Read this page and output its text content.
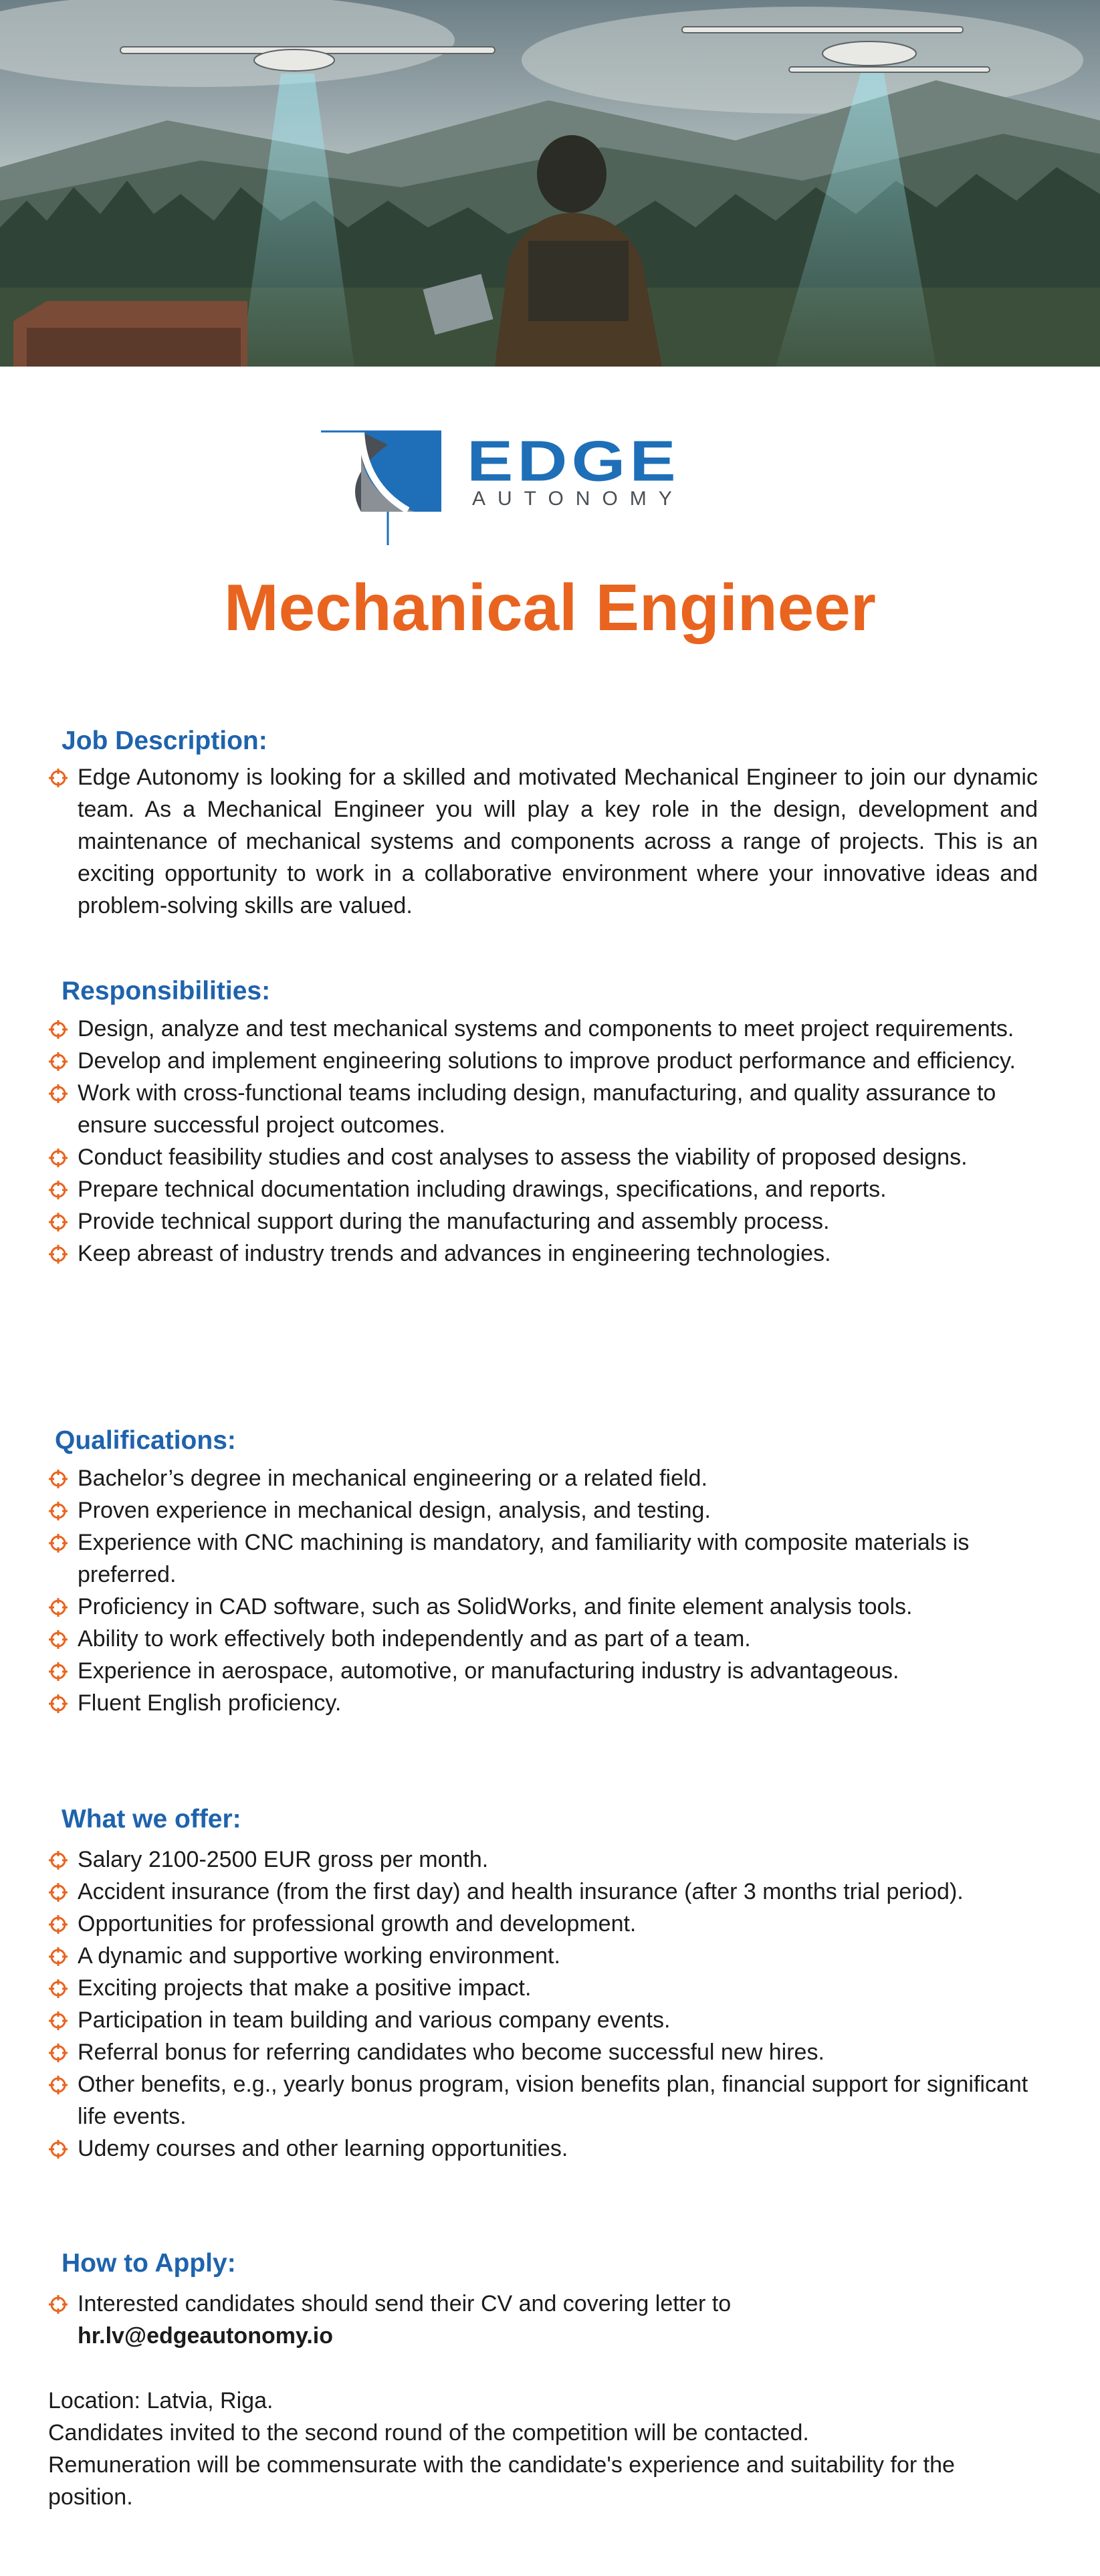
EDGE
AUTONOMY
Mechanical Engineer
Job Description:
Edge Autonomy is looking for a skilled and motivated Mechanical Engineer to join our dynamic team. As a Mechanical Engineer you will play a key role in the design, development and maintenance of mechanical systems and components across a range of projects. This is an exciting opportunity to work in a collaborative environment where your innovative ideas and problem-solving skills are valued.
Responsibilities:
Design, analyze and test mechanical systems and components to meet project requirements.
Develop and implement engineering solutions to improve product performance and efficiency.
Work with cross-functional teams including design, manufacturing, and quality assurance to ensure successful project outcomes.
Conduct feasibility studies and cost analyses to assess the viability of proposed designs.
Prepare technical documentation including drawings, specifications, and reports.
Provide technical support during the manufacturing and assembly process.
Keep abreast of industry trends and advances in engineering technologies.
Qualifications:
Bachelor’s degree in mechanical engineering or a related field.
Proven experience in mechanical design, analysis, and testing.
Experience with CNC machining is mandatory, and familiarity with composite materials is preferred.
Proficiency in CAD software, such as SolidWorks, and finite element analysis tools.
Ability to work effectively both independently and as part of a team.
Experience in aerospace, automotive, or manufacturing industry is advantageous.
Fluent English proficiency.
What we offer:
Salary 2100-2500 EUR gross per month.
Accident insurance (from the first day) and health insurance (after 3 months trial period).
Opportunities for professional growth and development.
A dynamic and supportive working environment.
Exciting projects that make a positive impact.
Participation in team building and various company events.
Referral bonus for referring candidates who become successful new hires.
Other benefits, e.g., yearly bonus program, vision benefits plan, financial support for significant life events.
Udemy courses and other learning opportunities.
How to Apply:
Interested candidates should send their CV and covering letter to
hr.lv@edgeautonomy.io

Location: Latvia, Riga.

Candidates invited to the second round of the competition will be contacted.

Remuneration will be commensurate with the candidate's experience and suitability for the position.
